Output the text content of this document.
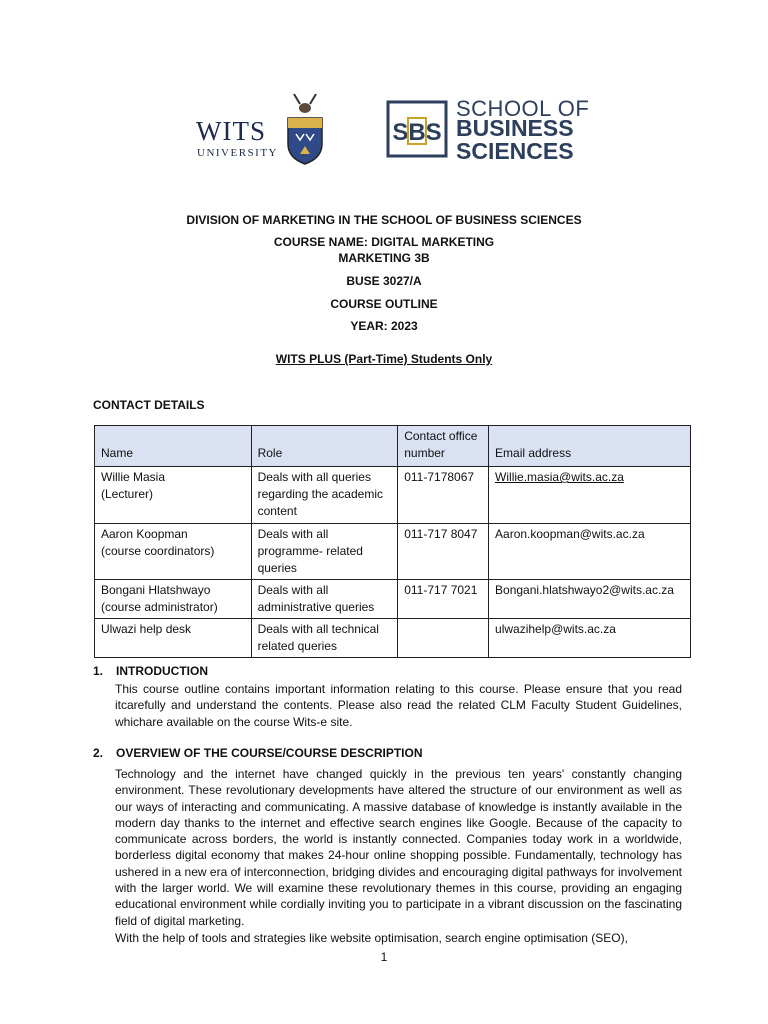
WITS
UNIVERSITY
SBS
SCHOOL OF
BUSINESS
SCIENCES
DIVISION OF MARKETING IN THE SCHOOL OF BUSINESS SCIENCES
COURSE NAME: DIGITAL MARKETING
MARKETING 3B
BUSE 3027/A
COURSE OUTLINE
YEAR: 2023
WITS PLUS (Part-Time) Students Only
CONTACT DETAILS
Name	Role	Contact office number	Email address

Willie Masia
(Lecturer)	Deals with all queries regarding the academic content	011-7178067	Willie.masia@wits.ac.za

Aaron Koopman
(course coordinators)	Deals with all programme- related queries	011-717 8047	Aaron.koopman@wits.ac.za

Bongani Hlatshwayo
(course administrator)	Deals with all administrative queries	011-717 7021	Bongani.hlatshwayo2@wits.ac.za

Ulwazi help desk	Deals with all technical related queries		ulwazihelp@wits.ac.za
1. INTRODUCTION

This course outline contains important information relating to this course. Please ensure that you read itcarefully and understand the contents. Please also read the related CLM Faculty Student Guidelines, whichare available on the course Wits-e site.

2. OVERVIEW OF THE COURSE/COURSE DESCRIPTION

Technology and the internet have changed quickly in the previous ten years' constantly changing environment. These revolutionary developments have altered the structure of our environment as well as our ways of interacting and communicating. A massive database of knowledge is instantly available in the modern day thanks to the internet and effective search engines like Google. Because of the capacity to communicate across borders, the world is instantly connected. Companies today work in a worldwide, borderless digital economy that makes 24-hour online shopping possible. Fundamentally, technology has ushered in a new era of interconnection, bridging divides and encouraging digital pathways for involvement with the larger world. We will examine these revolutionary themes in this course, providing an engaging educational environment while cordially inviting you to participate in a vibrant discussion on the fascinating field of digital marketing.

With the help of tools and strategies like website optimisation, search engine optimisation (SEO),

1
